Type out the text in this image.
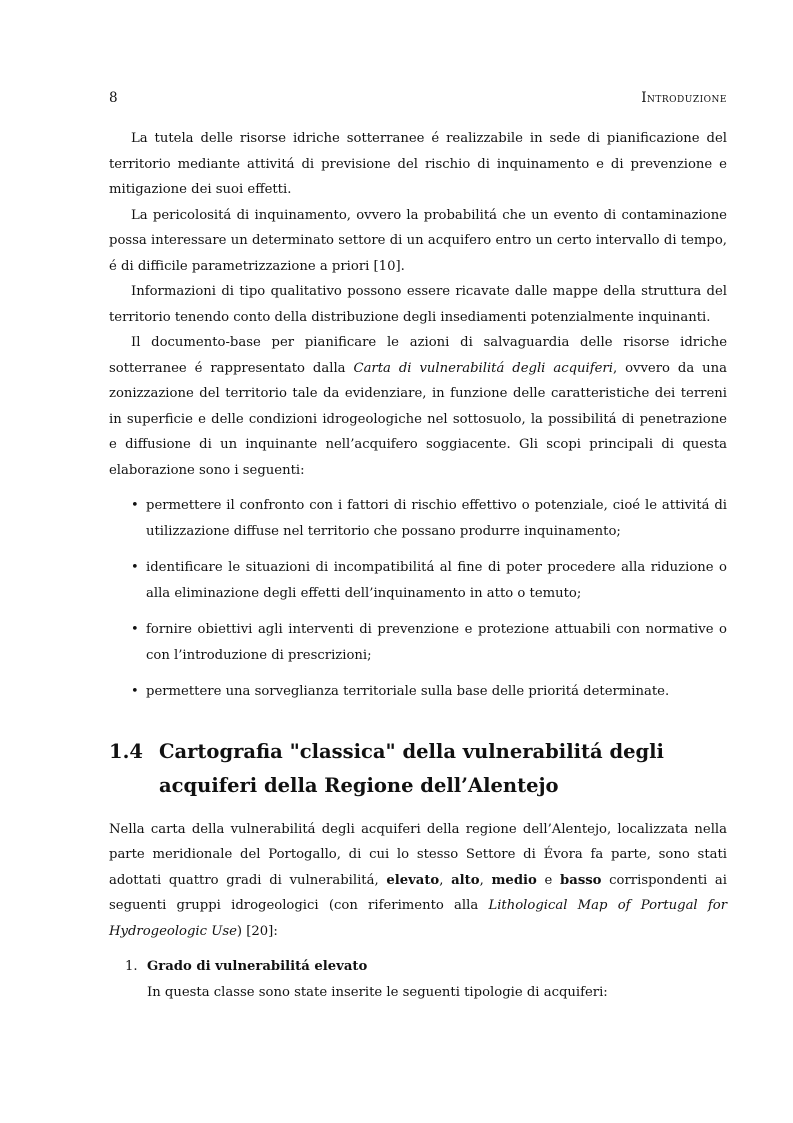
8	Introduzione

La tutela delle risorse idriche sotterranee é realizzabile in sede di pianificazione del territorio mediante attivitá di previsione del rischio di inquinamento e di prevenzione e mitigazione dei suoi effetti.

La pericolositá di inquinamento, ovvero la probabilitá che un evento di contaminazione possa interessare un determinato settore di un acquifero entro un certo intervallo di tempo, é di difficile parametrizzazione a priori [10].

Informazioni di tipo qualitativo possono essere ricavate dalle mappe della struttura del territorio tenendo conto della distribuzione degli insediamenti potenzialmente inquinanti.

Il documento-base per pianificare le azioni di salvaguardia delle risorse idriche sotterranee é rappresentato dalla Carta di vulnerabilitá degli acquiferi, ovvero da una zonizzazione del territorio tale da evidenziare, in funzione delle caratteristiche dei terreni in superficie e delle condizioni idrogeologiche nel sottosuolo, la possibilitá di penetrazione e diffusione di un inquinante nell’acquifero soggiacente. Gli scopi principali di questa elaborazione sono i seguenti:

• permettere il confronto con i fattori di rischio effettivo o potenziale, cioé le attivitá di utilizzazione diffuse nel territorio che possano produrre inquinamento;
• identificare le situazioni di incompatibilitá al fine di poter procedere alla riduzione o alla eliminazione degli effetti dell’inquinamento in atto o temuto;
• fornire obiettivi agli interventi di prevenzione e protezione attuabili con normative o con l’introduzione di prescrizioni;
• permettere una sorveglianza territoriale sulla base delle prioritá determinate.
1.4 Cartografia "classica" della vulnerabilitá degli acquiferi della Regione dell’Alentejo

Nella carta della vulnerabilitá degli acquiferi della regione dell’Alentejo, localizzata nella parte meridionale del Portogallo, di cui lo stesso Settore di Évora fa parte, sono stati adottati quattro gradi di vulnerabilitá, elevato, alto, medio e basso corrispondenti ai seguenti gruppi idrogeologici (con riferimento alla Lithological Map of Portugal for Hydrogeologic Use) [20]:

1. Grado di vulnerabilitá elevato
In questa classe sono state inserite le seguenti tipologie di acquiferi:
